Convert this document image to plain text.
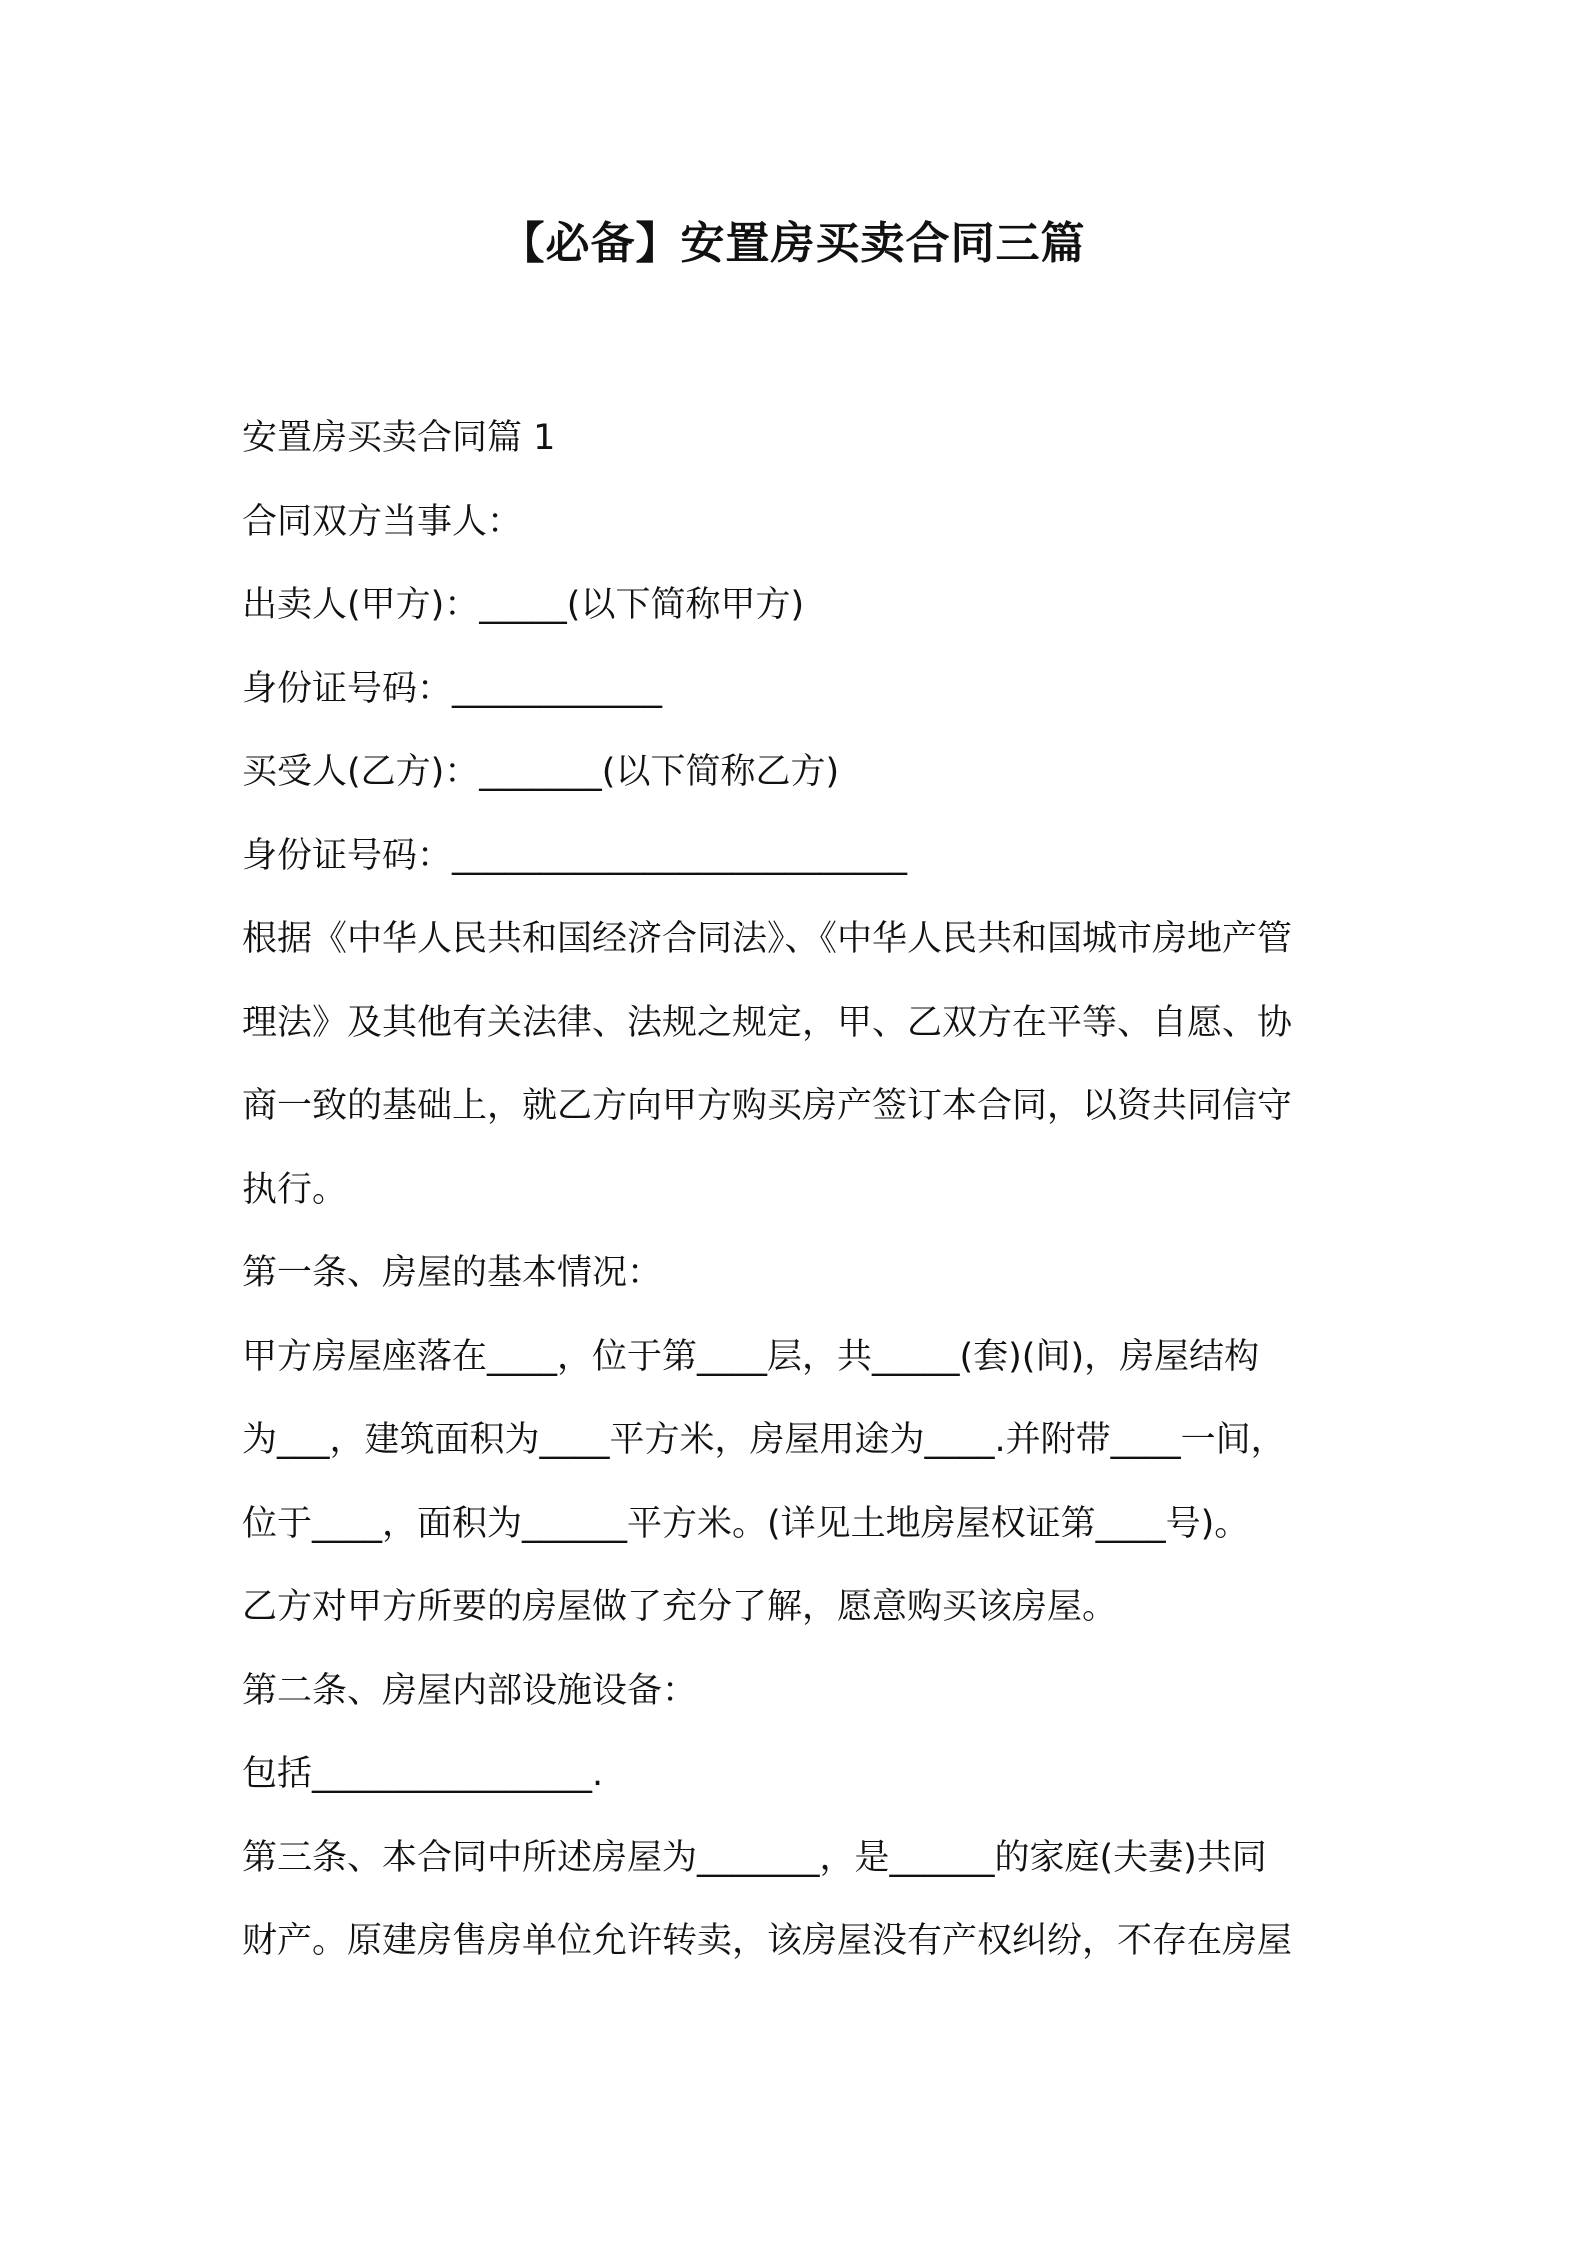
【必备】安置房买卖合同三篇
安置房买卖合同篇 1
合同双方当事人：
出卖人(甲方)：_____(以下简称甲方)
身份证号码：____________
买受人(乙方)：_______(以下简称乙方)
身份证号码：__________________________
根据《中华人民共和国经济合同法》、《中华人民共和国城市房地产管
理法》及其他有关法律、法规之规定，甲、乙双方在平等、自愿、协
商一致的基础上，就乙方向甲方购买房产签订本合同，以资共同信守
执行。
第一条、房屋的基本情况：
甲方房屋座落在____，位于第____层，共_____(套)(间)，房屋结构
为___，建筑面积为____平方米，房屋用途为____.并附带____一间，
位于____，面积为______平方米。(详见土地房屋权证第____号)。
乙方对甲方所要的房屋做了充分了解，愿意购买该房屋。
第二条、房屋内部设施设备：
包括________________.
第三条、本合同中所述房屋为_______，是______的家庭(夫妻)共同
财产。原建房售房单位允许转卖，该房屋没有产权纠纷，不存在房屋
